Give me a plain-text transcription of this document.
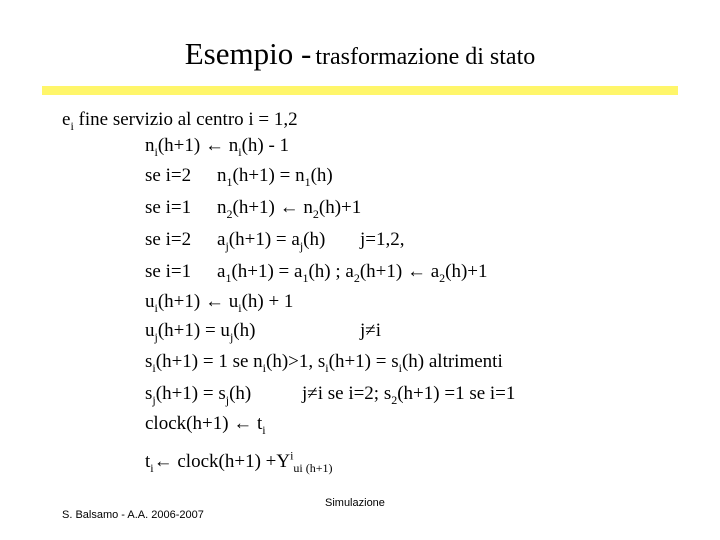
Esempio - trasformazione di stato
$e_i$ fine servizio al centro i = 1,2
$n_i(h+1)$ ← $n_i(h) - 1$
se i=2 $n_1(h+1) = n_1(h)$
se i=1 $n_2(h+1)$ ← $n_2(h)+1$
se i=2 $a_j(h+1) = a_j(h)$ j=1,2,
se i=1 $a_1(h+1) = a_1(h)$ ; $a_2(h+1)$ ← $a_2(h)+1$
$u_i(h+1)$ ← $u_i(h) + 1$
$u_j(h+1) = u_j(h)$	j≠i
$s_i(h+1) = 1$ se $n_i(h)>1$, $s_i(h+1) = s_i(h)$ altrimenti
$s_j(h+1) = s_j(h)$	j≠i se i=2; $s_2(h+1) =1$ se i=1
clock(h+1) ← $t_i$
$t_i\leftarrow$ clock(h+1) $+Y^i_{ui (h+1)}$
Simulazione
S. Balsamo - A.A. 2006-2007
